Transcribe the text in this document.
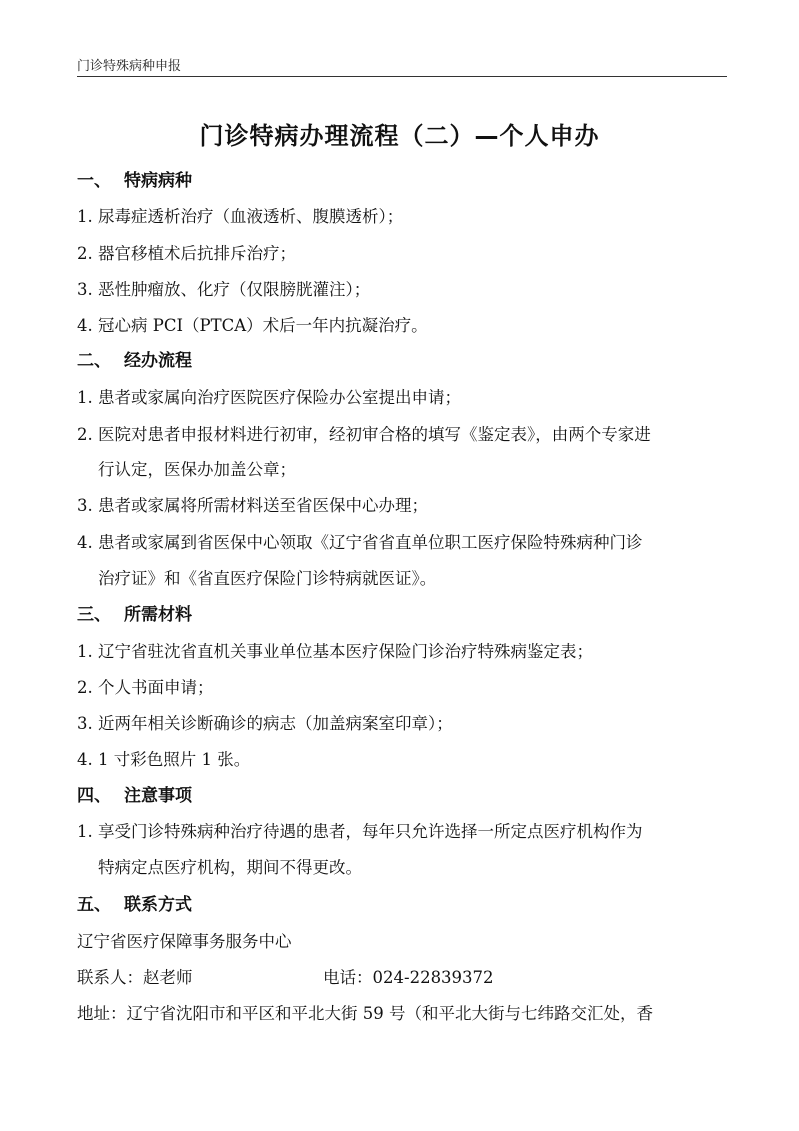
门诊特殊病种申报
门诊特病办理流程（二）—个人申办
一、 特病病种
1. 尿毒症透析治疗（血液透析、腹膜透析）；
2. 器官移植术后抗排斥治疗；
3. 恶性肿瘤放、化疗（仅限膀胱灌注）；
4. 冠心病 PCI（PTCA）术后一年内抗凝治疗。
二、 经办流程
1. 患者或家属向治疗医院医疗保险办公室提出申请；
2. 医院对患者申报材料进行初审，经初审合格的填写《鉴定表》，由两个专家进
行认定，医保办加盖公章；
3. 患者或家属将所需材料送至省医保中心办理；
4. 患者或家属到省医保中心领取《辽宁省省直单位职工医疗保险特殊病种门诊
治疗证》和《省直医疗保险门诊特病就医证》。
三、 所需材料
1. 辽宁省驻沈省直机关事业单位基本医疗保险门诊治疗特殊病鉴定表；
2. 个人书面申请；
3. 近两年相关诊断确诊的病志（加盖病案室印章）；
4. 1 寸彩色照片 1 张。
四、 注意事项
1. 享受门诊特殊病种治疗待遇的患者，每年只允许选择一所定点医疗机构作为
特病定点医疗机构，期间不得更改。
五、 联系方式
辽宁省医疗保障事务服务中心
联系人：赵老师	电话：024-22839372
地址：辽宁省沈阳市和平区和平北大街 59 号（和平北大街与七纬路交汇处，香
